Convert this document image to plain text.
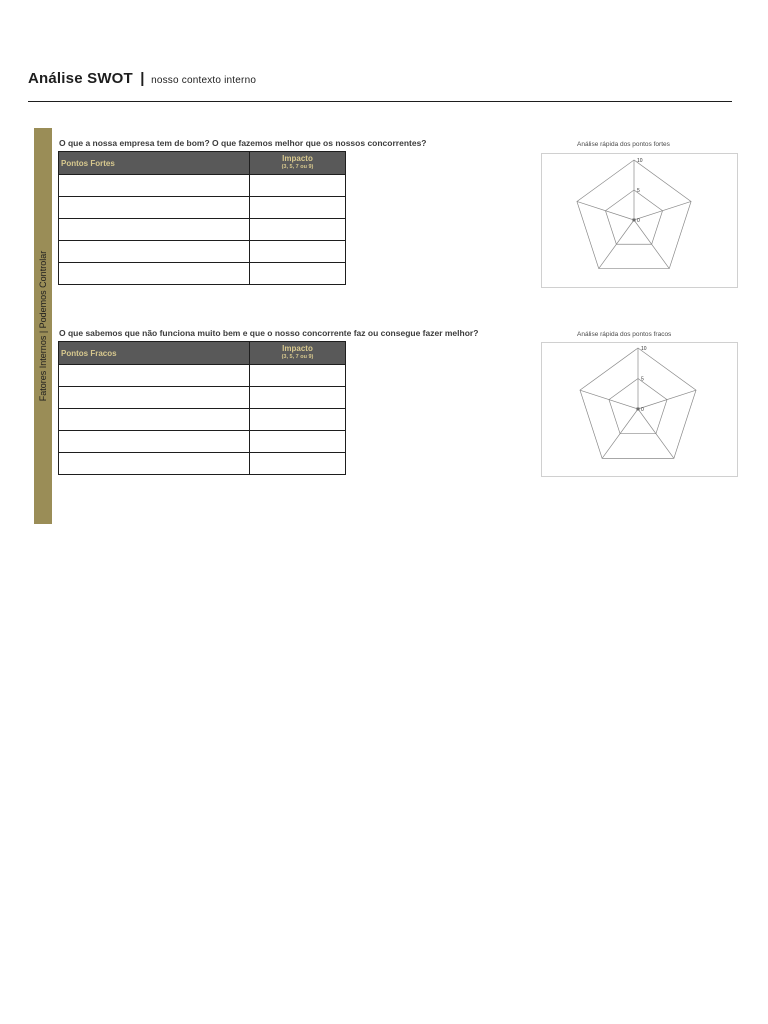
Análise SWOT | nosso contexto interno
Fatores Internos | Podemos Controlar
O que a nossa empresa tem de bom? O que fazemos melhor que os nossos concorrentes?
Pontos Fortes	Impacto
(3, 5, 7 ou 9)

Análise rápida dos pontos fortes
0
5
10
O que sabemos que não funciona muito bem e que o nosso concorrente faz ou consegue fazer melhor?
Pontos Fracos	Impacto
(3, 5, 7 ou 9)

Análise rápida dos pontos fracos
0
5
10
